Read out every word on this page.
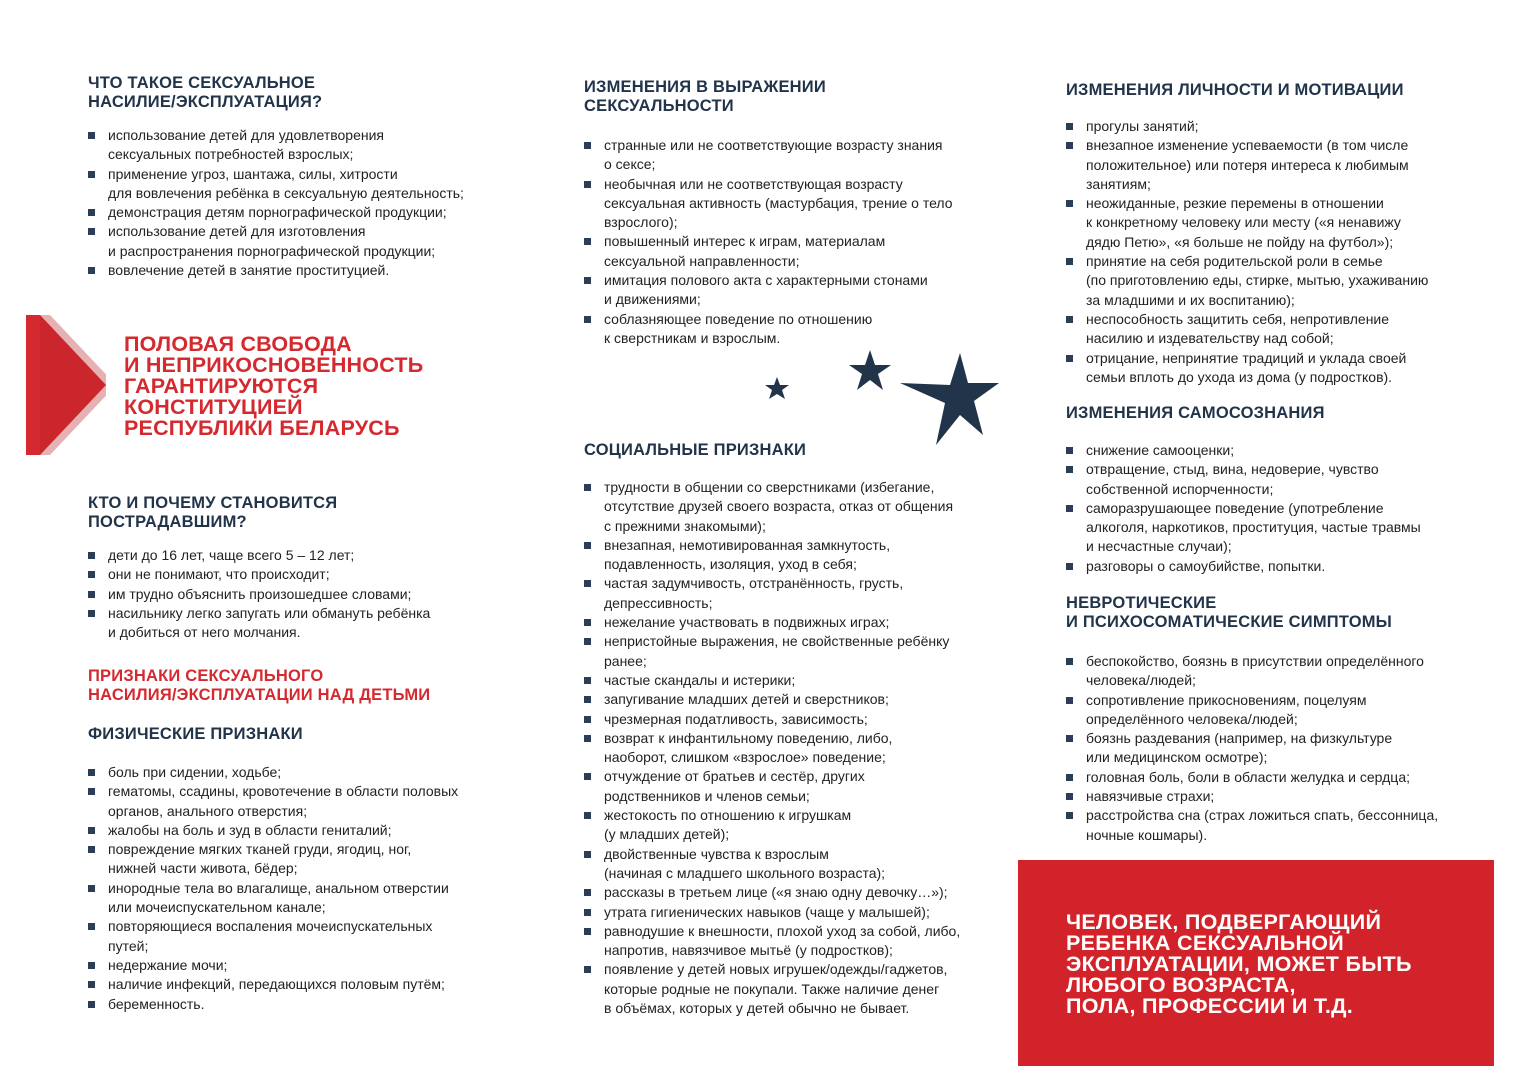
ЧТО ТАКОЕ СЕКСУАЛЬНОЕ
НАСИЛИЕ/ЭКСПЛУАТАЦИЯ?
использование детей для удовлетворения
сексуальных потребностей взрослых;
применение угроз, шантажа, силы, хитрости
для вовлечения ребёнка в сексуальную деятельность;
демонстрация детям порнографической продукции;
использование детей для изготовления
и распространения порнографической продукции;
вовлечение детей в занятие проституцией.
КТО И ПОЧЕМУ СТАНОВИТСЯ
ПОСТРАДАВШИМ?
дети до 16 лет, чаще всего 5 – 12 лет;
они не понимают, что происходит;
им трудно объяснить произошедшее словами;
насильнику легко запугать или обмануть ребёнка
и добиться от него молчания.
ПРИЗНАКИ СЕКСУАЛЬНОГО
НАСИЛИЯ/ЭКСПЛУАТАЦИИ НАД ДЕТЬМИ
ФИЗИЧЕСКИЕ ПРИЗНАКИ
боль при сидении, ходьбе;
гематомы, ссадины, кровотечение в области половых
органов, анального отверстия;
жалобы на боль и зуд в области гениталий;
повреждение мягких тканей груди, ягодиц, ног,
нижней части живота, бёдер;
инородные тела во влагалище, анальном отверстии
или мочеиспускательном канале;
повторяющиеся воспаления мочеиспускательных
путей;
недержание мочи;
наличие инфекций, передающихся половым путём;
беременность.
ПОЛОВАЯ СВОБОДА
И НЕПРИКОСНОВЕННОСТЬ
ГАРАНТИРУЮТСЯ
КОНСТИТУЦИЕЙ
РЕСПУБЛИКИ БЕЛАРУСЬ
ИЗМЕНЕНИЯ В ВЫРАЖЕНИИ
СЕКСУАЛЬНОСТИ
странные или не соответствующие возрасту знания
о сексе;
необычная или не соответствующая возрасту
сексуальная активность (мастурбация, трение о тело
взрослого);
повышенный интерес к играм, материалам
сексуальной направленности;
имитация полового акта с характерными стонами
и движениями;
соблазняющее поведение по отношению
к сверстникам и взрослым.
СОЦИАЛЬНЫЕ ПРИЗНАКИ
трудности в общении со сверстниками (избегание,
отсутствие друзей своего возраста, отказ от общения
с прежними знакомыми);
внезапная, немотивированная замкнутость,
подавленность, изоляция, уход в себя;
частая задумчивость, отстранённость, грусть,
депрессивность;
нежелание участвовать в подвижных играх;
непристойные выражения, не свойственные ребёнку
ранее;
частые скандалы и истерики;
запугивание младших детей и сверстников;
чрезмерная податливость, зависимость;
возврат к инфантильному поведению, либо,
наоборот, слишком «взрослое» поведение;
отчуждение от братьев и сестёр, других
родственников и членов семьи;
жестокость по отношению к игрушкам
(у младших детей);
двойственные чувства к взрослым
(начиная с младшего школьного возраста);
рассказы в третьем лице («я знаю одну девочку…»);
утрата гигиенических навыков (чаще у малышей);
равнодушие к внешности, плохой уход за собой, либо,
напротив, навязчивое мытьё (у подростков);
появление у детей новых игрушек/одежды/гаджетов,
которые родные не покупали. Также наличие денег
в объёмах, которых у детей обычно не бывает.
ИЗМЕНЕНИЯ ЛИЧНОСТИ И МОТИВАЦИИ
прогулы занятий;
внезапное изменение успеваемости (в том числе
положительное) или потеря интереса к любимым
занятиям;
неожиданные, резкие перемены в отношении
к конкретному человеку или месту («я ненавижу
дядю Петю», «я больше не пойду на футбол»);
принятие на себя родительской роли в семье
(по приготовлению еды, стирке, мытью, ухаживанию
за младшими и их воспитанию);
неспособность защитить себя, непротивление
насилию и издевательству над собой;
отрицание, непринятие традиций и уклада своей
семьи вплоть до ухода из дома (у подростков).
ИЗМЕНЕНИЯ САМОСОЗНАНИЯ
снижение самооценки;
отвращение, стыд, вина, недоверие, чувство
собственной испорченности;
саморазрушающее поведение (употребление
алкоголя, наркотиков, проституция, частые травмы
и несчастные случаи);
разговоры о самоубийстве, попытки.
НЕВРОТИЧЕСКИЕ
И ПСИХОСОМАТИЧЕСКИЕ СИМПТОМЫ
беспокойство, боязнь в присутствии определённого
человека/людей;
сопротивление прикосновениям, поцелуям
определённого человека/людей;
боязнь раздевания (например, на физкультуре
или медицинском осмотре);
головная боль, боли в области желудка и сердца;
навязчивые страхи;
расстройства сна (страх ложиться спать, бессонница,
ночные кошмары).
ЧЕЛОВЕК, ПОДВЕРГАЮЩИЙ
РЕБЕНКА СЕКСУАЛЬНОЙ
ЭКСПЛУАТАЦИИ, МОЖЕТ БЫТЬ
ЛЮБОГО ВОЗРАСТА,
ПОЛА, ПРОФЕССИИ И Т.Д.
